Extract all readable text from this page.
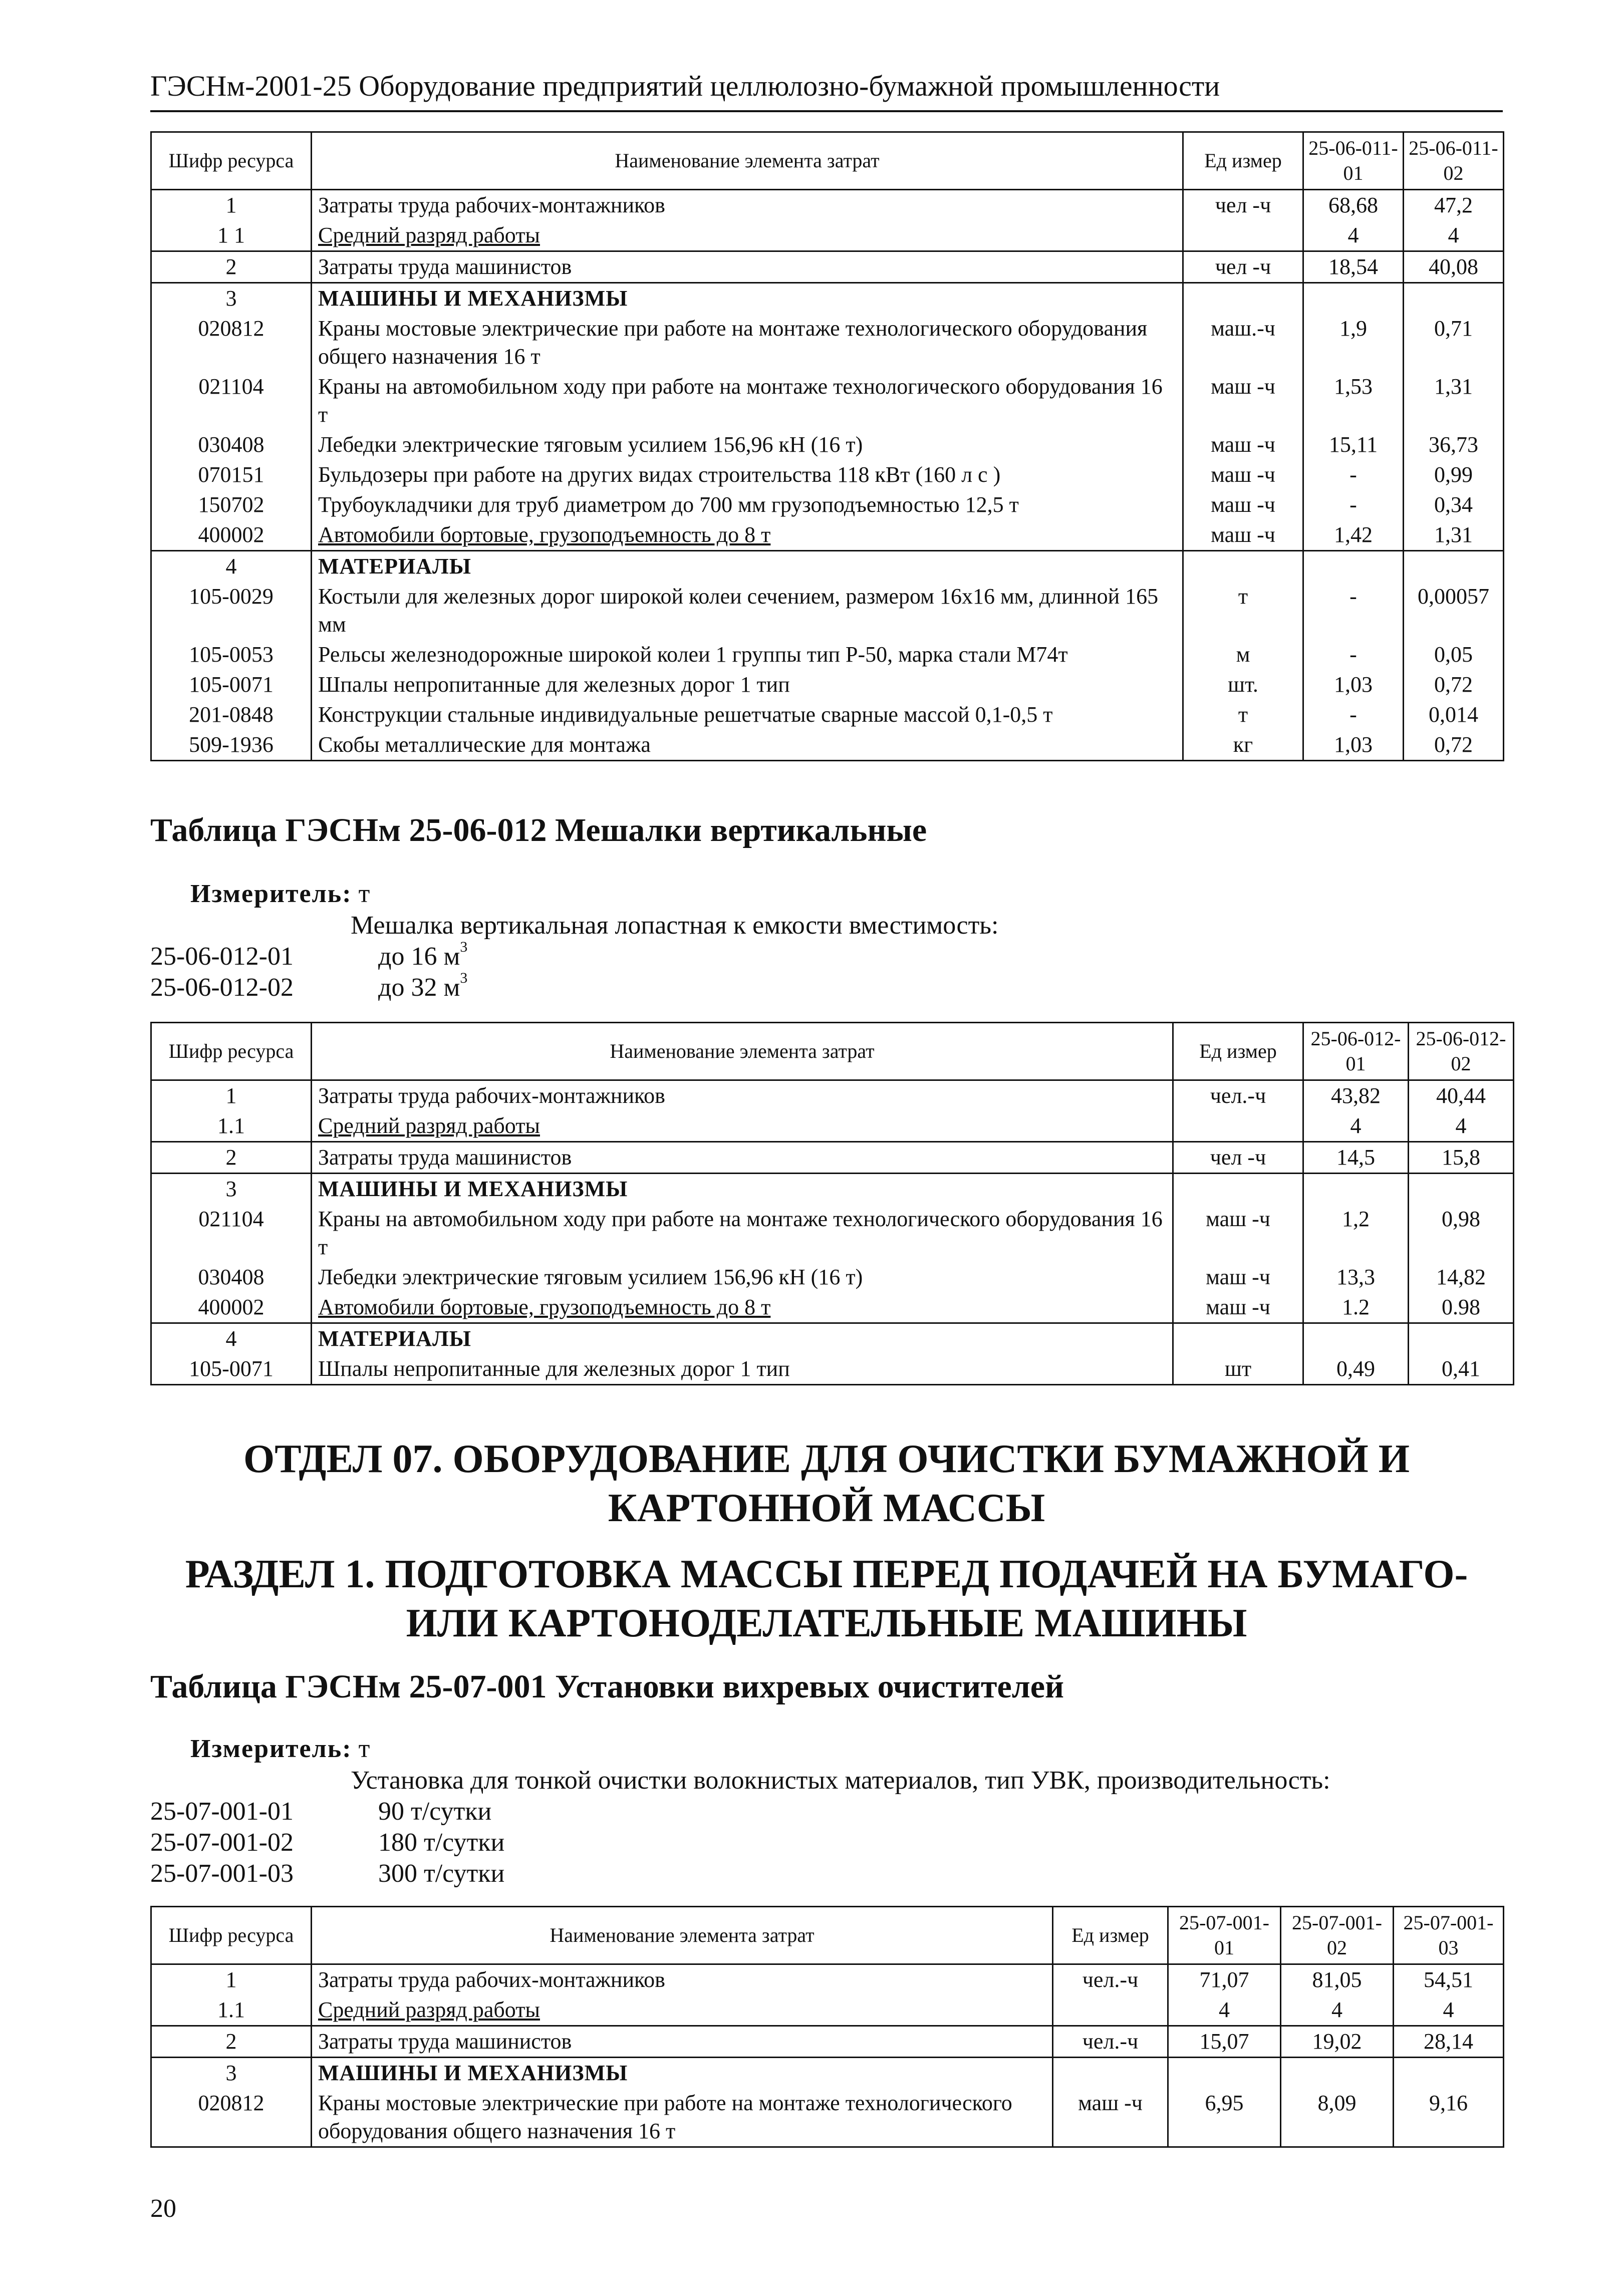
ГЭСНм-2001-25 Оборудование предприятий целлюлозно-бумажной промышленности
Шифр ресурса	Наименование элемента затрат	Ед измер	25-06-011-01	25-06-011-02
1	Затраты труда рабочих-монтажников	чел -ч	68,68	47,2
1 1	Средний разряд работы		4	4
2	Затраты труда машинистов	чел -ч	18,54	40,08
3	МАШИНЫ И МЕХАНИЗМЫ			
020812	Краны мостовые электрические при работе на монтаже технологического оборудования общего назначения 16 т	маш.-ч	1,9	0,71
021104	Краны на автомобильном ходу при работе на монтаже технологического оборудования 16 т	маш -ч	1,53	1,31
030408	Лебедки электрические тяговым усилием 156,96 кН (16 т)	маш -ч	15,11	36,73
070151	Бульдозеры при работе на других видах строительства 118 кВт (160 л с )	маш -ч	-	0,99
150702	Трубоукладчики для труб диаметром до 700 мм грузоподъемностью 12,5 т	маш -ч	-	0,34
400002	Автомобили бортовые, грузоподъемность до 8 т	маш -ч	1,42	1,31
4	МАТЕРИАЛЫ			
105-0029	Костыли для железных дорог широкой колеи сечением, размером 16х16 мм, длинной 165 мм	т	-	0,00057
105-0053	Рельсы железнодорожные широкой колеи 1 группы тип Р-50, марка стали М74т	м	-	0,05
105-0071	Шпалы непропитанные для железных дорог 1 тип	шт.	1,03	0,72
201-0848	Конструкции стальные индивидуальные решетчатые сварные массой 0,1-0,5 т	т	-	0,014
509-1936	Скобы металлические для монтажа	кг	1,03	0,72
Таблица ГЭСНм 25-06-012 Мешалки вертикальные
Измеритель: т
Мешалка вертикальная лопастная к емкости вместимость:
25-06-012-01	до 16 $м^3$
25-06-012-02	до 32 $м^3$
Шифр ресурса	Наименование элемента затрат	Ед измер	25-06-012-01	25-06-012-02
1	Затраты труда рабочих-монтажников	чел.-ч	43,82	40,44
1.1	Средний разряд работы		4	4
2	Затраты труда машинистов	чел -ч	14,5	15,8
3	МАШИНЫ И МЕХАНИЗМЫ			
021104	Краны на автомобильном ходу при работе на монтаже технологического оборудования 16 т	маш -ч	1,2	0,98
030408	Лебедки электрические тяговым усилием 156,96 кН (16 т)	маш -ч	13,3	14,82
400002	Автомобили бортовые, грузоподъемность до 8 т	маш -ч	1.2	0.98
4	МАТЕРИАЛЫ			
105-0071	Шпалы непропитанные для железных дорог 1 тип	шт	0,49	0,41
ОТДЕЛ 07. ОБОРУДОВАНИЕ ДЛЯ ОЧИСТКИ БУМАЖНОЙ И
КАРТОННОЙ МАССЫ
РАЗДЕЛ 1. ПОДГОТОВКА МАССЫ ПЕРЕД ПОДАЧЕЙ НА БУМАГО-
ИЛИ КАРТОНОДЕЛАТЕЛЬНЫЕ МАШИНЫ
Таблица ГЭСНм 25-07-001 Установки вихревых очистителей
Измеритель: т
Установка для тонкой очистки волокнистых материалов, тип УВК, производительность:
25-07-001-01	90 т/сутки
25-07-001-02	180 т/сутки
25-07-001-03	300 т/сутки
Шифр ресурса	Наименование элемента затрат	Ед измер	25-07-001-01	25-07-001-02	25-07-001-03
1	Затраты труда рабочих-монтажников	чел.-ч	71,07	81,05	54,51
1.1	Средний разряд работы		4	4	4
2	Затраты труда машинистов	чел.-ч	15,07	19,02	28,14
3	МАШИНЫ И МЕХАНИЗМЫ				
020812	Краны мостовые электрические при работе на монтаже технологического оборудования общего назначения 16 т	маш -ч	6,95	8,09	9,16
20
